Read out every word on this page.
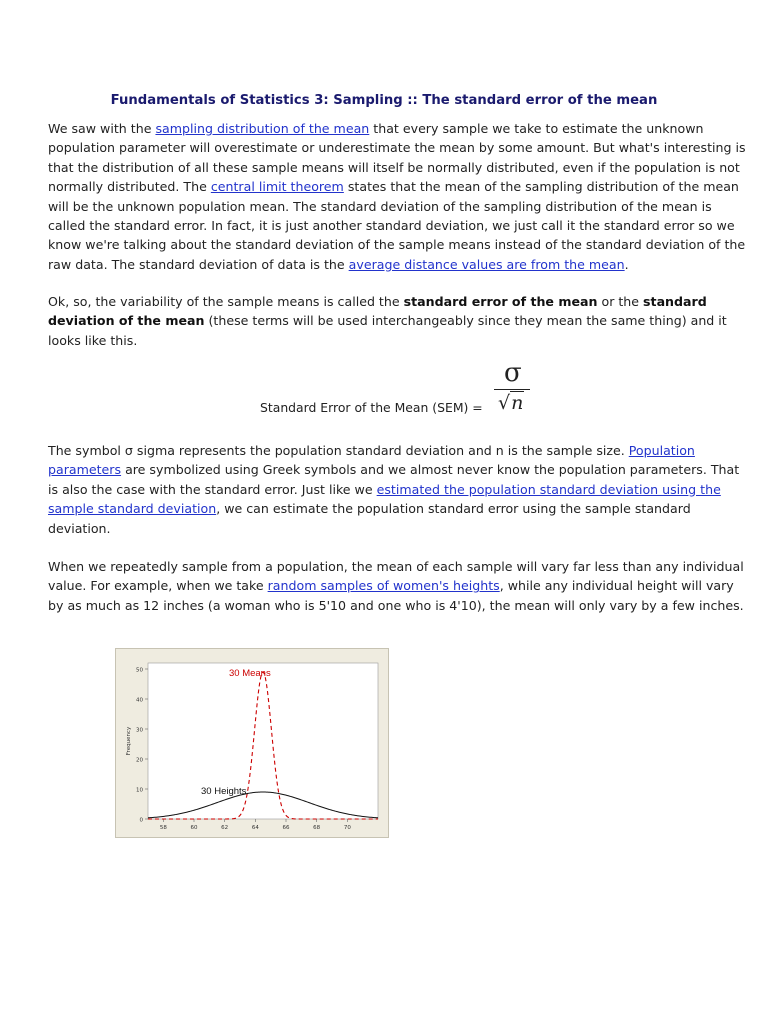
Fundamentals of Statistics 3: Sampling :: The standard error of the mean

We saw with the sampling distribution of the mean that every sample we take to estimate the unknown population parameter will overestimate or underestimate the mean by some amount. But what's interesting is that the distribution of all these sample means will itself be normally distributed, even if the population is not normally distributed. The central limit theorem states that the mean of the sampling distribution of the mean will be the unknown population mean. The standard deviation of the sampling distribution of the mean is called the standard error. In fact, it is just another standard deviation, we just call it the standard error so we know we're talking about the standard deviation of the sample means instead of the standard deviation of the raw data. The standard deviation of data is the average distance values are from the mean.

Ok, so, the variability of the sample means is called the standard error of the mean or the standard deviation of the mean (these terms will be used interchangeably since they mean the same thing) and it looks like this.

Standard Error of the Mean (SEM) =
σ
√n

The symbol σ sigma represents the population standard deviation and n is the sample size. Population parameters are symbolized using Greek symbols and we almost never know the population parameters. That is also the case with the standard error. Just like we estimated the population standard deviation using the sample standard deviation, we can estimate the population standard error using the sample standard deviation.

When we repeatedly sample from a population, the mean of each sample will vary far less than any individual value. For example, when we take random samples of women's heights, while any individual height will vary by as much as 12 inches (a woman who is 5'10 and one who is 4'10), the mean will only vary by a few inches.

0
10
20
30
40
50
58	60	62	64	66	68	70
Frequency
30 Means
30 Heights
